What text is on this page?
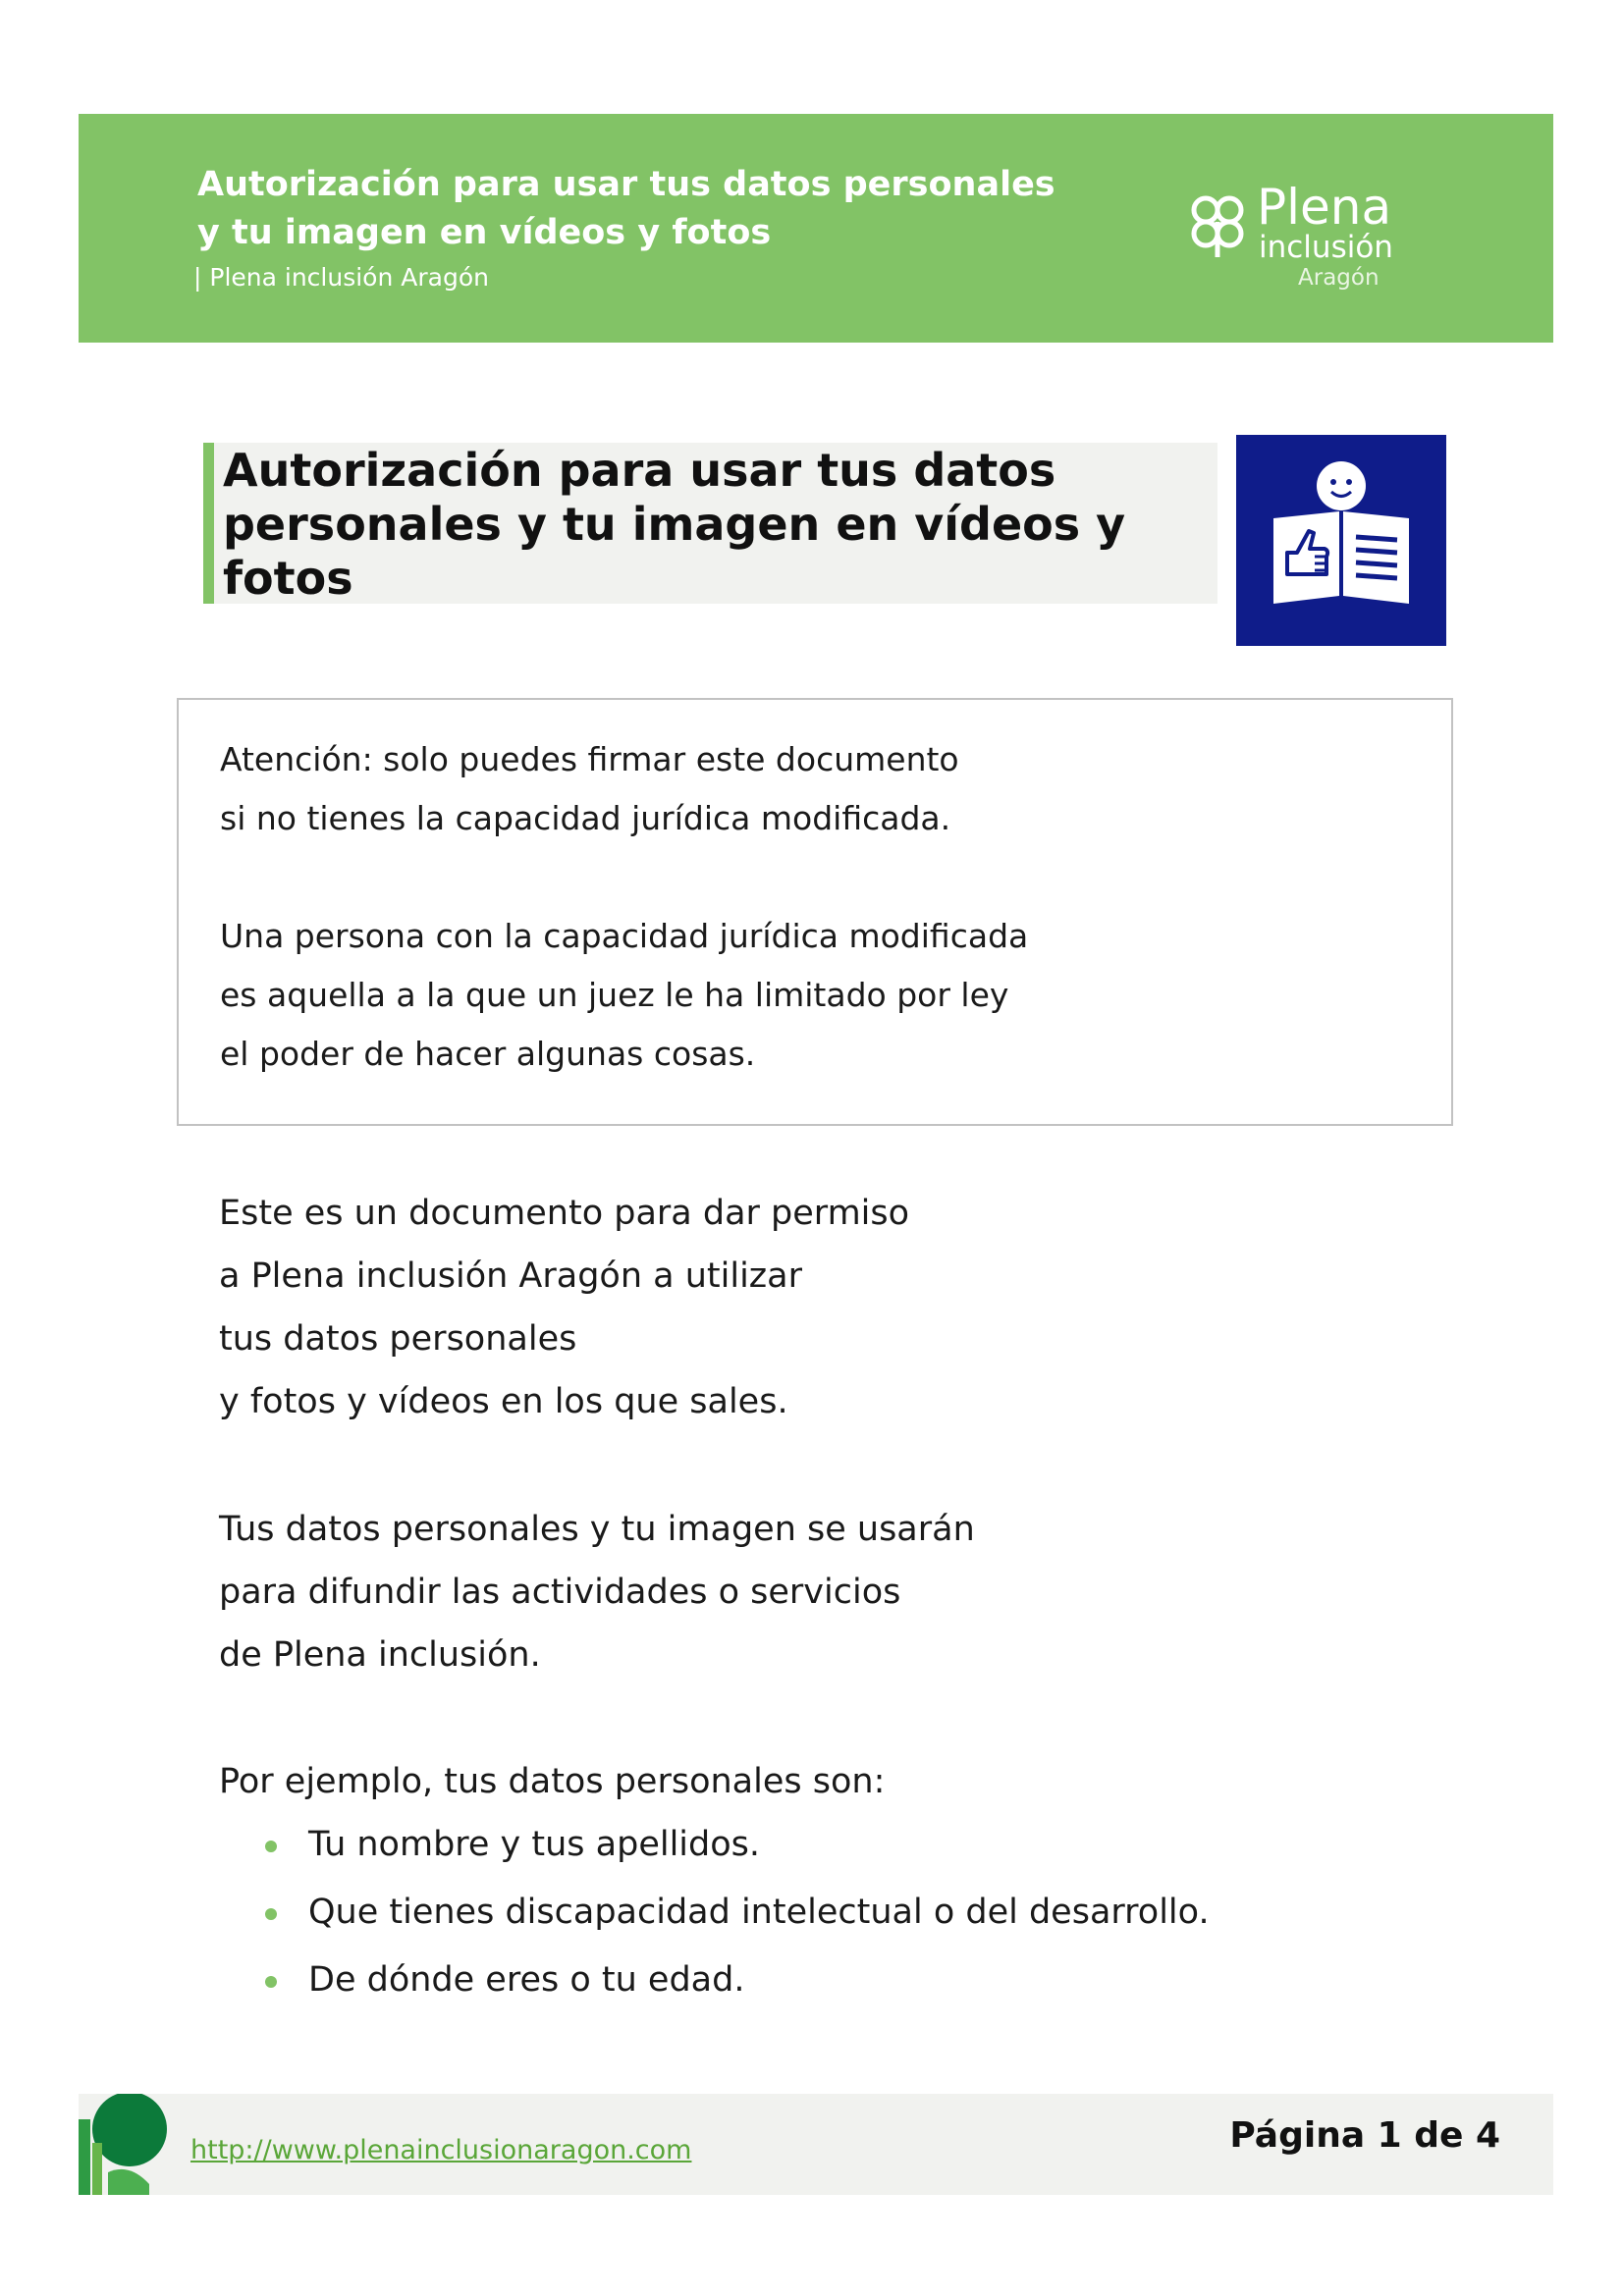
Autorización para usar tus datos personales
y tu imagen en vídeos y fotos
| Plena inclusión Aragón
Plena
inclusión
Aragón
Autorización para usar tus datos
personales y tu imagen en vídeos y
fotos

Atención: solo puedes firmar este documento

si no tienes la capacidad jurídica modificada.

Una persona con la capacidad jurídica modificada

es aquella a la que un juez le ha limitado por ley

el poder de hacer algunas cosas.

Este es un documento para dar permiso
a Plena inclusión Aragón a utilizar
tus datos personales
y fotos y vídeos en los que sales.

Tus datos personales y tu imagen se usarán
para difundir las actividades o servicios
de Plena inclusión.

Por ejemplo, tus datos personales son:

Tu nombre y tus apellidos.
Que tienes discapacidad intelectual o del desarrollo.
De dónde eres o tu edad.
http://www.plenainclusionaragon.com	Página 1 de 4
